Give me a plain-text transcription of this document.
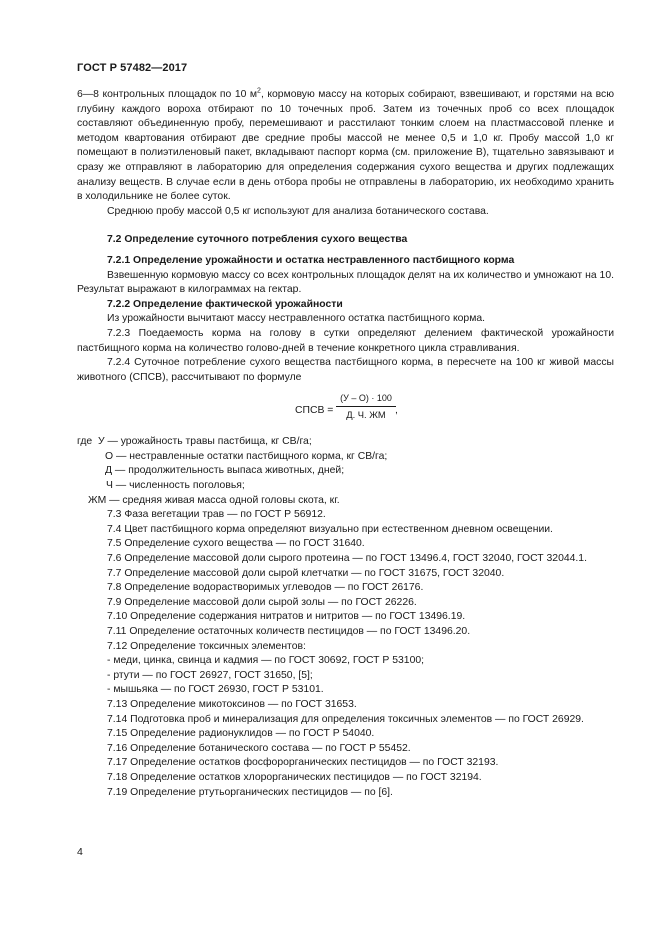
ГОСТ Р 57482—2017

6—8 контрольных площадок по 10 $м^2$, кормовую массу на которых собирают, взвешивают, и горстями на всю глубину каждого вороха отбирают по 10 точечных проб. Затем из точечных проб со всех площадок составляют объединенную пробу, перемешивают и расстилают тонким слоем на пластмассовой пленке и методом квартования отбирают две средние пробы массой не менее 0,5 и 1,0 кг. Пробу массой 1,0 кг помещают в полиэтиленовый пакет, вкладывают паспорт корма (см. приложение В), тщательно завязывают и сразу же отправляют в лабораторию для определения содержания сухого вещества и других подлежащих анализу веществ. В случае если в день отбора пробы не отправлены в лабораторию, их необходимо хранить в холодильнике не более суток.

Среднюю пробу массой 0,5 кг используют для анализа ботанического состава.

7.2 Определение суточного потребления сухого вещества

7.2.1 Определение урожайности и остатка нестравленного пастбищного корма

Взвешенную кормовую массу со всех контрольных площадок делят на их количество и умножают на 10. Результат выражают в килограммах на гектар.

7.2.2 Определение фактической урожайности

Из урожайности вычитают массу нестравленного остатка пастбищного корма.

7.2.3 Поедаемость корма на голову в сутки определяют делением фактической урожайности пастбищного корма на количество голово-дней в течение конкретного цикла стравливания.

7.2.4 Суточное потребление сухого вещества пастбищного корма, в пересчете на 100 кг живой массы животного (СПСВ), рассчитывают по формуле

СПСВ =
(У – О) · 100
Д. Ч. ЖМ ,
где У — урожайность травы пастбища, кг СВ/га;
О — нестравленные остатки пастбищного корма, кг СВ/га;
Д — продолжительность выпаса животных, дней;
Ч — численность поголовья;
ЖМ — средняя живая масса одной головы скота, кг.
7.3 Фаза вегетации трав — по ГОСТ Р 56912.
7.4 Цвет пастбищного корма определяют визуально при естественном дневном освещении.
7.5 Определение сухого вещества — по ГОСТ 31640.
7.6 Определение массовой доли сырого протеина — по ГОСТ 13496.4, ГОСТ 32040, ГОСТ 32044.1.
7.7 Определение массовой доли сырой клетчатки — по ГОСТ 31675, ГОСТ 32040.
7.8 Определение водорастворимых углеводов — по ГОСТ 26176.
7.9 Определение массовой доли сырой золы — по ГОСТ 26226.
7.10 Определение содержания нитратов и нитритов — по ГОСТ 13496.19.
7.11 Определение остаточных количеств пестицидов — по ГОСТ 13496.20.
7.12 Определение токсичных элементов:
- меди, цинка, свинца и кадмия — по ГОСТ 30692, ГОСТ Р 53100;
- ртути — по ГОСТ 26927, ГОСТ 31650, [5];
- мышьяка — по ГОСТ 26930, ГОСТ Р 53101.
7.13 Определение микотоксинов — по ГОСТ 31653.
7.14 Подготовка проб и минерализация для определения токсичных элементов — по ГОСТ 26929.
7.15 Определение радионуклидов — по ГОСТ Р 54040.
7.16 Определение ботанического состава — по ГОСТ Р 55452.
7.17 Определение остатков фосфорорганических пестицидов — по ГОСТ 32193.
7.18 Определение остатков хлорорганических пестицидов — по ГОСТ 32194.
7.19 Определение ртутьорганических пестицидов — по [6].
4
